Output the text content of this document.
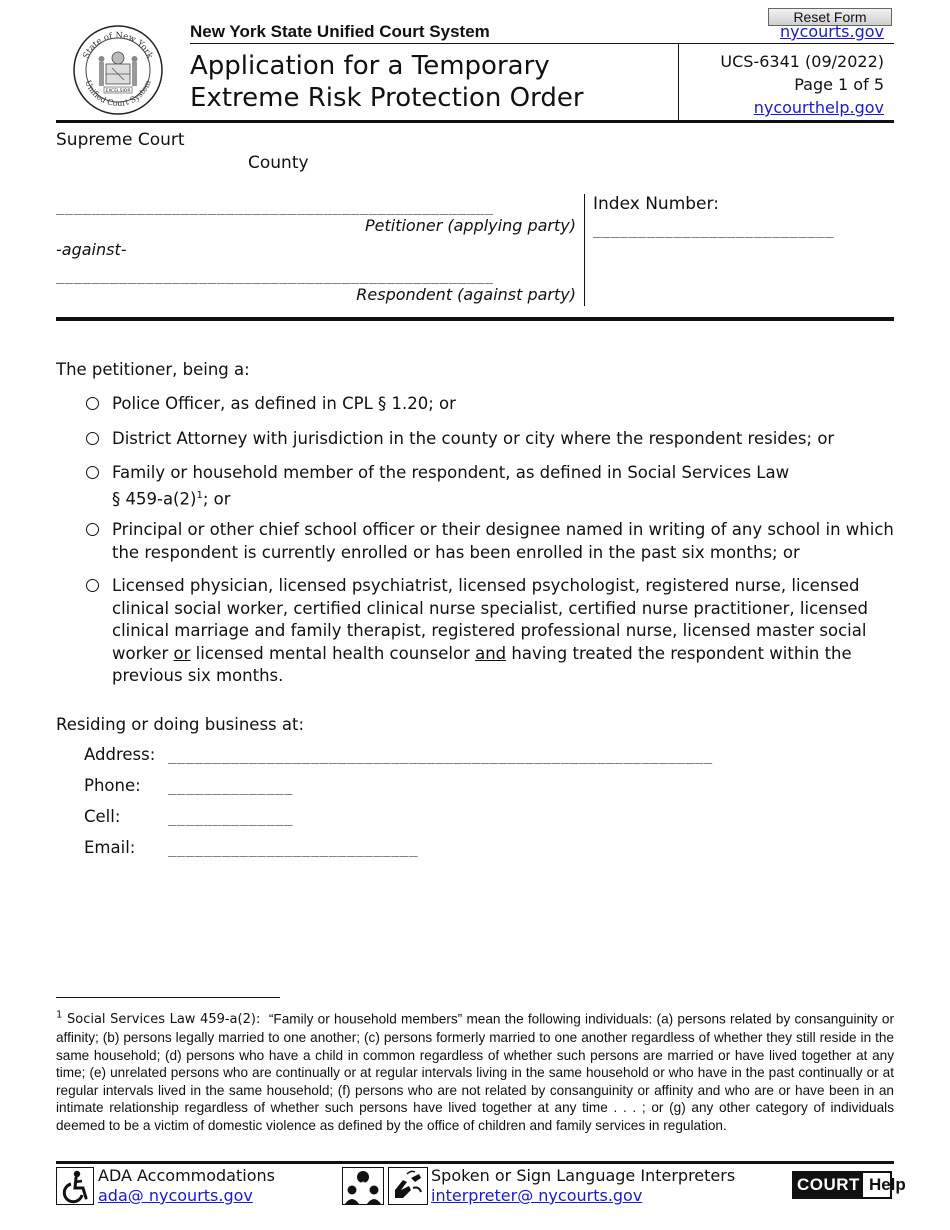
State of New York
Unified Court System
EXCELSIOR
New York State Unified Court System
Application for a Temporary
Extreme Risk Protection Order
Reset Form
nycourts.gov
UCS-6341 (09/2022)
Page 1 of 5
nycourthelp.gov
Supreme Court
County
_________________________________________________
Petitioner (applying party)
-against-
_________________________________________________
Respondent (against party)
Index Number:
___________________________
The petitioner, being a:
Police Officer, as defined in CPL § 1.20; or
District Attorney with jurisdiction in the county or city where the respondent resides; or
Family or household member of the respondent, as defined in Social Services Law
§ $459-a(2)^1$; or
Principal or other chief school officer or their designee named in writing of any school in which the respondent is currently enrolled or has been enrolled in the past six months; or
Licensed physician, licensed psychiatrist, licensed psychologist, registered nurse, licensed clinical social worker, certified clinical nurse specialist, certified nurse practitioner, licensed clinical marriage and family therapist, registered professional nurse, licensed master social worker or licensed mental health counselor and having treated the respondent within the previous six months.
Residing or doing business at:
Address: _____________________________________________________________
Phone: ______________
Cell:	______________
Email: ____________________________
$^1$ Social Services Law 459-a(2): “Family or household members” mean the following individuals: (a) persons related by consanguinity or affinity; (b) persons legally married to one another; (c) persons formerly married to one another regardless of whether they still reside in the same household; (d) persons who have a child in common regardless of whether such persons are married or have lived together at any time; (e) unrelated persons who are continually or at regular intervals living in the same household or who have in the past continually or at regular intervals lived in the same household; (f) persons who are not related by consanguinity or affinity and who are or have been in an intimate relationship regardless of whether such persons have lived together at any time . . . ; or (g) any other category of individuals deemed to be a victim of domestic violence as defined by the office of children and family services in regulation.
ADA Accommodations
ada@ nycourts.gov
Spoken or Sign Language Interpreters
interpreter@ nycourts.gov
COURT Help
